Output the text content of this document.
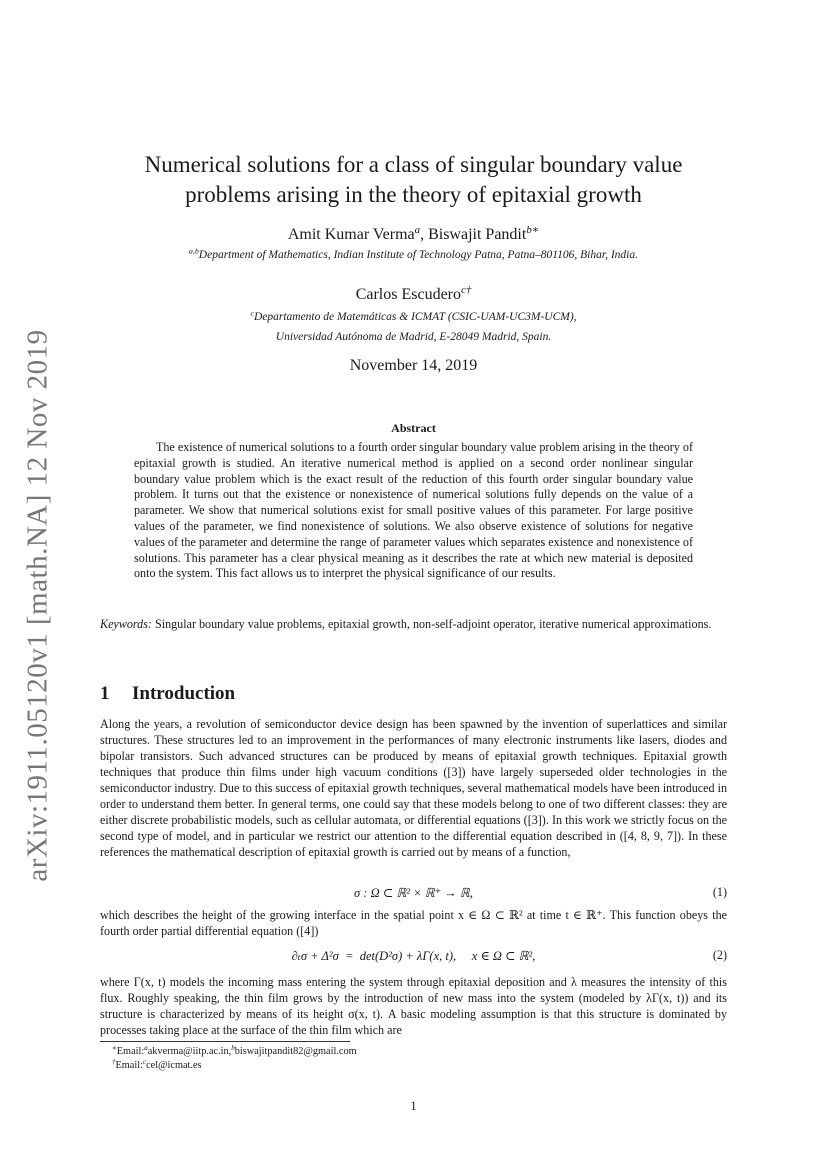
arXiv:1911.05120v1 [math.NA] 12 Nov 2019
Numerical solutions for a class of singular boundary value
problems arising in the theory of epitaxial growth
Amit Kumar Verma$^a$, Biswajit Pandit$^{b∗}$
$^{a,b}$Department of Mathematics, Indian Institute of Technology Patna, Patna–801106, Bihar, India.
Carlos Escudero$^{c\dagger}$
$^c$Departamento de Matemáticas & ICMAT (CSIC-UAM-UC3M-UCM),
Universidad Autónoma de Madrid, E-28049 Madrid, Spain.
November 14, 2019
Abstract

The existence of numerical solutions to a fourth order singular boundary value problem arising in the theory of epitaxial growth is studied. An iterative numerical method is applied on a second order nonlinear singular boundary value problem which is the exact result of the reduction of this fourth order singular boundary value problem. It turns out that the existence or nonexistence of numerical solutions fully depends on the value of a parameter. We show that numerical solutions exist for small positive values of this parameter. For large positive values of the parameter, we find nonexistence of solutions. We also observe existence of solutions for negative values of the parameter and determine the range of parameter values which separates existence and nonexistence of solutions. This parameter has a clear physical meaning as it describes the rate at which new material is deposited onto the system. This fact allows us to interpret the physical significance of our results.

Keywords: Singular boundary value problems, epitaxial growth, non-self-adjoint operator, iterative numerical approximations.
1 Introduction

Along the years, a revolution of semiconductor device design has been spawned by the invention of superlattices and similar structures. These structures led to an improvement in the performances of many electronic instruments like lasers, diodes and bipolar transistors. Such advanced structures can be produced by means of epitaxial growth techniques. Epitaxial growth techniques that produce thin films under high vacuum conditions ([3]) have largely superseded older technologies in the semiconductor industry. Due to this success of epitaxial growth techniques, several mathematical models have been introduced in order to understand them better. In general terms, one could say that these models belong to one of two different classes: they are either discrete probabilistic models, such as cellular automata, or differential equations ([3]). In this work we strictly focus on the second type of model, and in particular we restrict our attention to the differential equation described in ([4, 8, 9, 7]). In these references the mathematical description of epitaxial growth is carried out by means of a function,

σ : Ω ⊂ ℝ² × ℝ⁺ → ℝ,	(1)

which describes the height of the growing interface in the spatial point x ∈ Ω ⊂ ℝ² at time t ∈ ℝ⁺. This function obeys the fourth order partial differential equation ([4])

∂ₜσ + Δ²σ  =  det(D²σ) + λΓ(x, t),     x ∈ Ω ⊂ ℝ²,	(2)

where Γ(x, t) models the incoming mass entering the system through epitaxial deposition and λ measures the intensity of this flux. Roughly speaking, the thin film grows by the introduction of new mass into the system (modeled by λΓ(x, t)) and its structure is characterized by means of its height σ(x, t). A basic modeling assumption is that this structure is dominated by processes taking place at the surface of the thin film which are

∗Email:$^a$akverma@iitp.ac.in,$^b$biswajitpandit82@gmail.com
†Email:$^c$cel@icmat.es
1
